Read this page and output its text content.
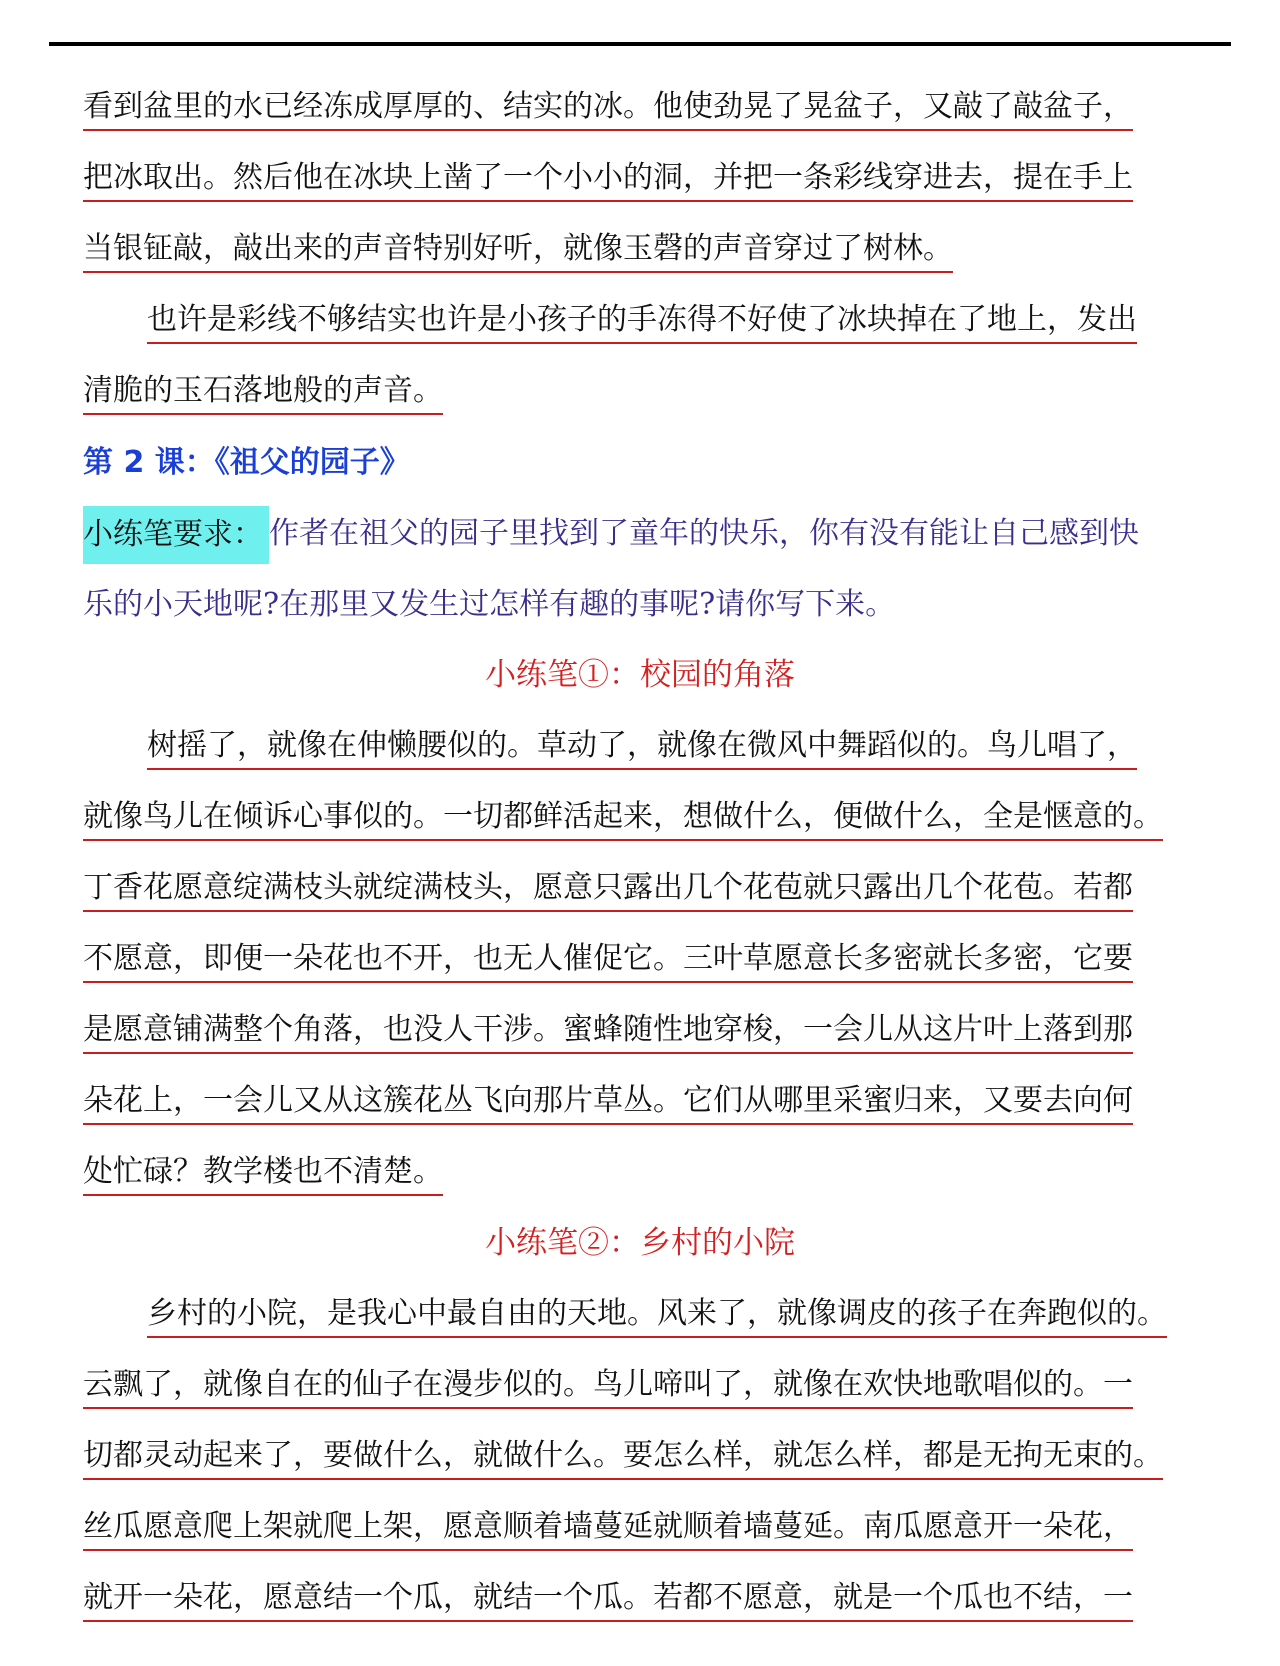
看到盆里的水已经冻成厚厚的、结实的冰。他使劲晃了晃盆子，又敲了敲盆子，
把冰取出。然后他在冰块上凿了一个小小的洞，并把一条彩线穿进去，提在手上
当银钲敲，敲出来的声音特别好听，就像玉磬的声音穿过了树林。
也许是彩线不够结实也许是小孩子的手冻得不好使了冰块掉在了地上，发出
清脆的玉石落地般的声音。
第 2 课：《祖父的园子》
小练笔要求： 作者在祖父的园子里找到了童年的快乐，你有没有能让自己感到快
乐的小天地呢?在那里又发生过怎样有趣的事呢?请你写下来。
小练笔①：校园的角落
树摇了，就像在伸懒腰似的。草动了，就像在微风中舞蹈似的。鸟儿唱了，
就像鸟儿在倾诉心事似的。一切都鲜活起来，想做什么，便做什么，全是惬意的。
丁香花愿意绽满枝头就绽满枝头，愿意只露出几个花苞就只露出几个花苞。若都
不愿意，即便一朵花也不开，也无人催促它。三叶草愿意长多密就长多密，它要
是愿意铺满整个角落，也没人干涉。蜜蜂随性地穿梭，一会儿从这片叶上落到那
朵花上，一会儿又从这簇花丛飞向那片草丛。它们从哪里采蜜归来，又要去向何
处忙碌？教学楼也不清楚。
小练笔②：乡村的小院
乡村的小院，是我心中最自由的天地。风来了，就像调皮的孩子在奔跑似的。
云飘了，就像自在的仙子在漫步似的。鸟儿啼叫了，就像在欢快地歌唱似的。一
切都灵动起来了，要做什么，就做什么。要怎么样，就怎么样，都是无拘无束的。
丝瓜愿意爬上架就爬上架，愿意顺着墙蔓延就顺着墙蔓延。南瓜愿意开一朵花，
就开一朵花，愿意结一个瓜，就结一个瓜。若都不愿意，就是一个瓜也不结，一
